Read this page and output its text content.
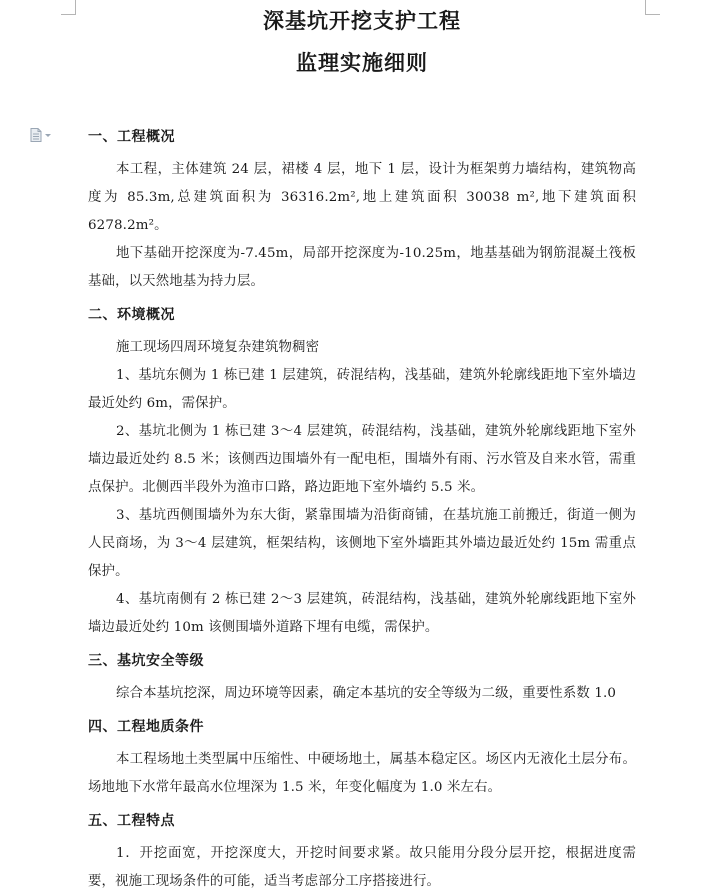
深基坑开挖支护工程
监理实施细则
一、工程概况

本工程，主体建筑 24 层，裙楼 4 层，地下 1 层，设计为框架剪力墙结构，建筑物高度为 85.3m,总建筑面积为 36316.2m²,地上建筑面积 30038 m²,地下建筑面积 6278.2m²。

地下基础开挖深度为-7.45m，局部开挖深度为-10.25m，地基基础为钢筋混凝土筏板基础，以天然地基为持力层。

二、环境概况

施工现场四周环境复杂建筑物稠密

1、基坑东侧为 1 栋已建 1 层建筑，砖混结构，浅基础，建筑外轮廓线距地下室外墙边最近处约 6m，需保护。

2、基坑北侧为 1 栋已建 3～4 层建筑，砖混结构，浅基础，建筑外轮廓线距地下室外墙边最近处约 8.5 米；该侧西边围墙外有一配电柜，围墙外有雨、污水管及自来水管，需重点保护。北侧西半段外为渔市口路，路边距地下室外墙约 5.5 米。

3、基坑西侧围墙外为东大街，紧靠围墙为沿街商铺，在基坑施工前搬迁，街道一侧为人民商场，为 3～4 层建筑，框架结构，该侧地下室外墙距其外墙边最近处约 15m 需重点保护。

4、基坑南侧有 2 栋已建 2～3 层建筑，砖混结构，浅基础，建筑外轮廓线距地下室外墙边最近处约 10m 该侧围墙外道路下埋有电缆，需保护。

三、基坑安全等级

综合本基坑挖深，周边环境等因素，确定本基坑的安全等级为二级，重要性系数 1.0

四、工程地质条件

本工程场地土类型属中压缩性、中硬场地土，属基本稳定区。场区内无液化土层分布。场地地下水常年最高水位埋深为 1.5 米，年变化幅度为 1.0 米左右。

五、工程特点

1．开挖面宽，开挖深度大，开挖时间要求紧。故只能用分段分层开挖，根据进度需要，视施工现场条件的可能，适当考虑部分工序搭接进行。
